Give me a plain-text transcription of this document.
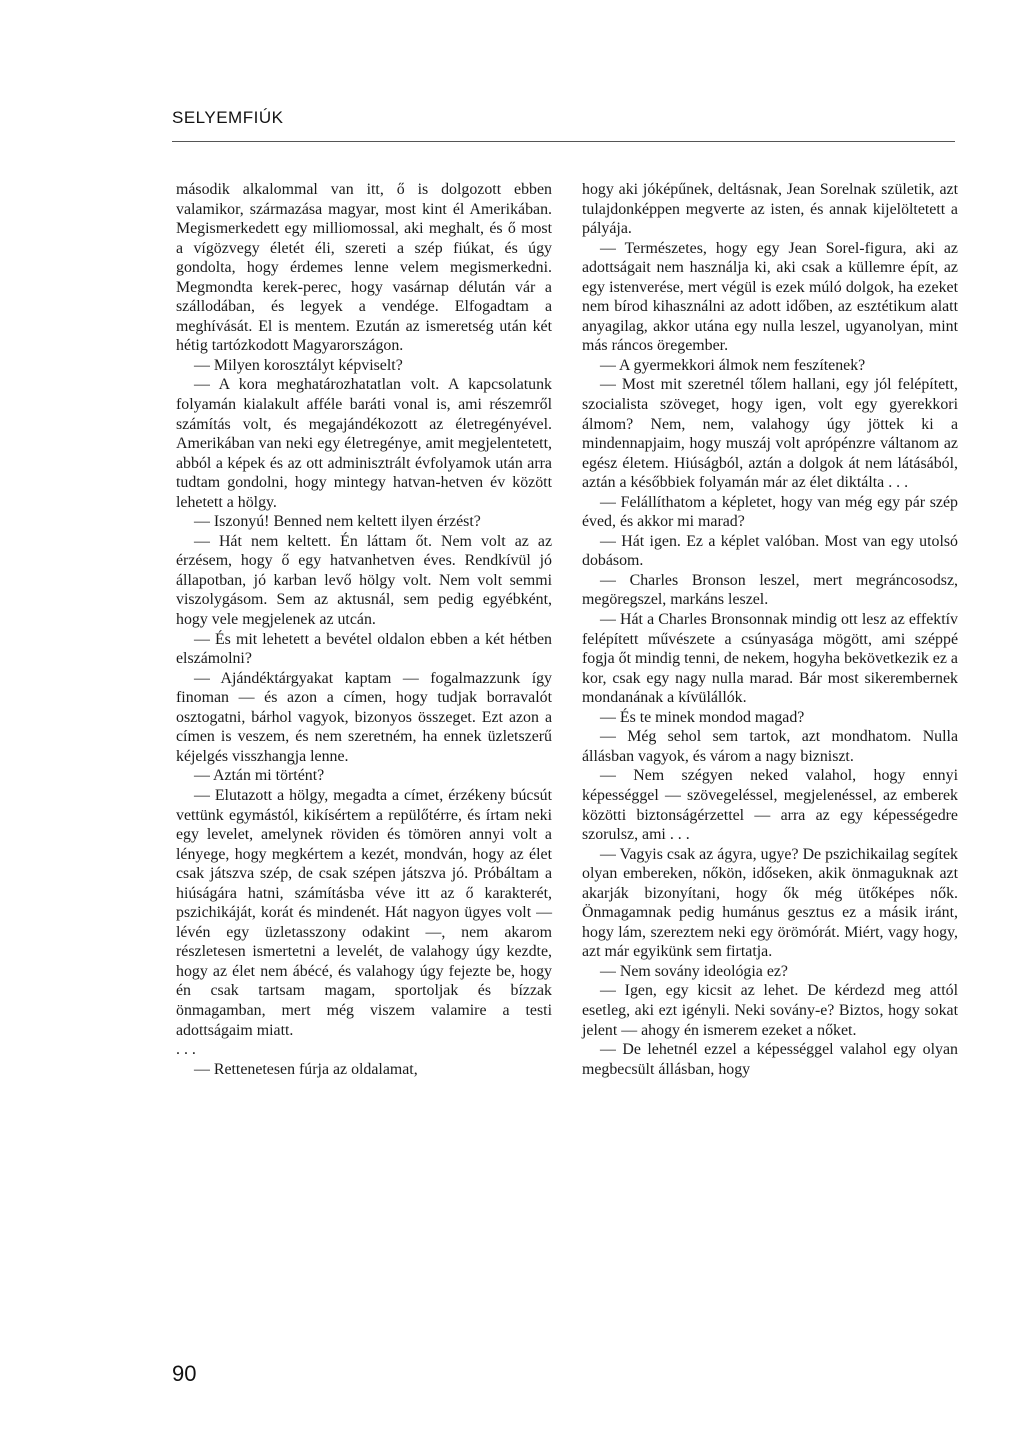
SELYEMFIÚK

második alkalommal van itt, ő is dolgozott ebben valamikor, származása magyar, most kint él Amerikában. Megismerkedett egy milliomossal, aki meghalt, és ő most a vígözvegy életét éli, szereti a szép fiúkat, és úgy gondolta, hogy érdemes lenne velem megismerkedni. Megmondta kerek-perec, hogy vasárnap délután vár a szállodában, és legyek a vendége. Elfogadtam a meghívását. El is mentem. Ezután az ismeretség után két hétig tartózkodott Magyarországon.

— Milyen korosztályt képviselt?

— A kora meghatározhatatlan volt. A kapcsolatunk folyamán kialakult afféle baráti vonal is, ami részemről számítás volt, és megajándékozott az életregényével. Amerikában van neki egy életregénye, amit megjelentetett, abból a képek és az ott adminisztrált évfolyamok után arra tudtam gondolni, hogy mintegy hatvan-hetven év között lehetett a hölgy.

— Iszonyú! Benned nem keltett ilyen érzést?

— Hát nem keltett. Én láttam őt. Nem volt az az érzésem, hogy ő egy hatvanhetven éves. Rendkívül jó állapotban, jó karban levő hölgy volt. Nem volt semmi viszolygásom. Sem az aktusnál, sem pedig egyébként, hogy vele megjelenek az utcán.

— És mit lehetett a bevétel oldalon ebben a két hétben elszámolni?

— Ajándéktárgyakat kaptam — fogalmazzunk így finoman — és azon a címen, hogy tudjak borravalót osztogatni, bárhol vagyok, bizonyos összeget. Ezt azon a címen is veszem, és nem szeretném, ha ennek üzletszerű kéjelgés visszhangja lenne.

— Aztán mi történt?

— Elutazott a hölgy, megadta a címet, érzékeny búcsút vettünk egymástól, kikísértem a repülőtérre, és írtam neki egy levelet, amelynek röviden és tömören annyi volt a lényege, hogy megkértem a kezét, mondván, hogy az élet csak játszva szép, de csak szépen játszva jó. Próbáltam a hiúságára hatni, számításba véve itt az ő karakterét, pszichikáját, korát és mindenét. Hát nagyon ügyes volt — lévén egy üzletasszony odakint —, nem akarom részletesen ismertetni a levelét, de valahogy úgy kezdte, hogy az élet nem ábécé, és valahogy úgy fejezte be, hogy én csak tartsam magam, sportoljak és bízzak önmagamban, mert még viszem valamire a testi adottságaim miatt.

. . .

— Rettenetesen fúrja az oldalamat,

hogy aki jóképűnek, deltásnak, Jean Sorelnak születik, azt tulajdonképpen megverte az isten, és annak kijelöltetett a pályája.

— Természetes, hogy egy Jean Sorel-figura, aki az adottságait nem használja ki, aki csak a küllemre épít, az egy istenverése, mert végül is ezek múló dolgok, ha ezeket nem bírod kihasználni az adott időben, az esztétikum alatt anyagilag, akkor utána egy nulla leszel, ugyanolyan, mint más ráncos öregember.

— A gyermekkori álmok nem feszítenek?

— Most mit szeretnél tőlem hallani, egy jól felépített, szocialista szöveget, hogy igen, volt egy gyerekkori álmom? Nem, nem, valahogy úgy jöttek ki a mindennapjaim, hogy muszáj volt aprópénzre váltanom az egész életem. Hiúságból, aztán a dolgok át nem látásából, aztán a későbbiek folyamán már az élet diktálta . . .

— Felállíthatom a képletet, hogy van még egy pár szép éved, és akkor mi marad?

— Hát igen. Ez a képlet valóban. Most van egy utolsó dobásom.

— Charles Bronson leszel, mert megráncosodsz, megöregszel, markáns leszel.

— Hát a Charles Bronsonnak mindig ott lesz az effektív felépített művészete a csúnyasága mögött, ami széppé fogja őt mindig tenni, de nekem, hogyha bekövetkezik ez a kor, csak egy nagy nulla marad. Bár most sikerembernek mondanának a kívülállók.

— És te minek mondod magad?

— Még sehol sem tartok, azt mondhatom. Nulla állásban vagyok, és várom a nagy bizniszt.

— Nem szégyen neked valahol, hogy ennyi képességgel — szövegeléssel, megjelenéssel, az emberek közötti biztonságérzettel — arra az egy képességedre szorulsz, ami . . .

— Vagyis csak az ágyra, ugye? De pszichikailag segítek olyan embereken, nőkön, időseken, akik önmaguknak azt akarják bizonyítani, hogy ők még ütőképes nők. Önmagamnak pedig humánus gesztus ez a másik iránt, hogy lám, szereztem neki egy örömórát. Miért, vagy hogy, azt már egyikünk sem firtatja.

— Nem sovány ideológia ez?

— Igen, egy kicsit az lehet. De kérdezd meg attól esetleg, aki ezt igényli. Neki sovány-e? Biztos, hogy sokat jelent — ahogy én ismerem ezeket a nőket.

— De lehetnél ezzel a képességgel valahol egy olyan megbecsült állásban, hogy

90
